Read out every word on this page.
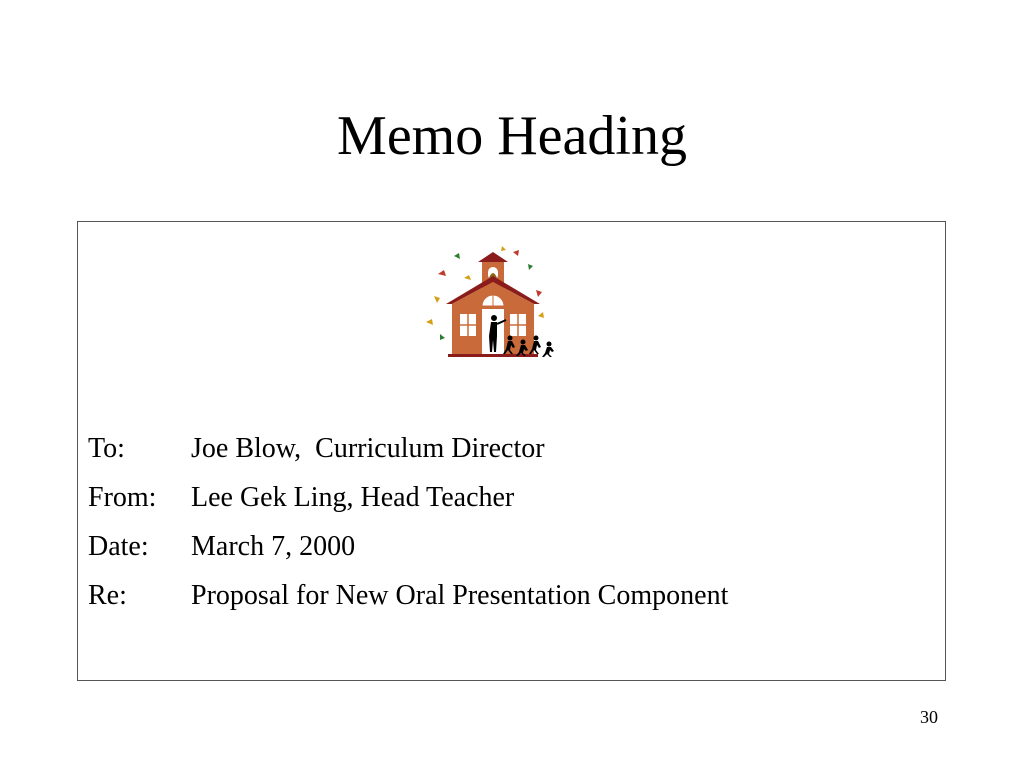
Memo Heading
To:	Joe Blow,  Curriculum Director
From:	Lee Gek Ling, Head Teacher
Date:	March 7, 2000
Re:	Proposal for New Oral Presentation Component
30
